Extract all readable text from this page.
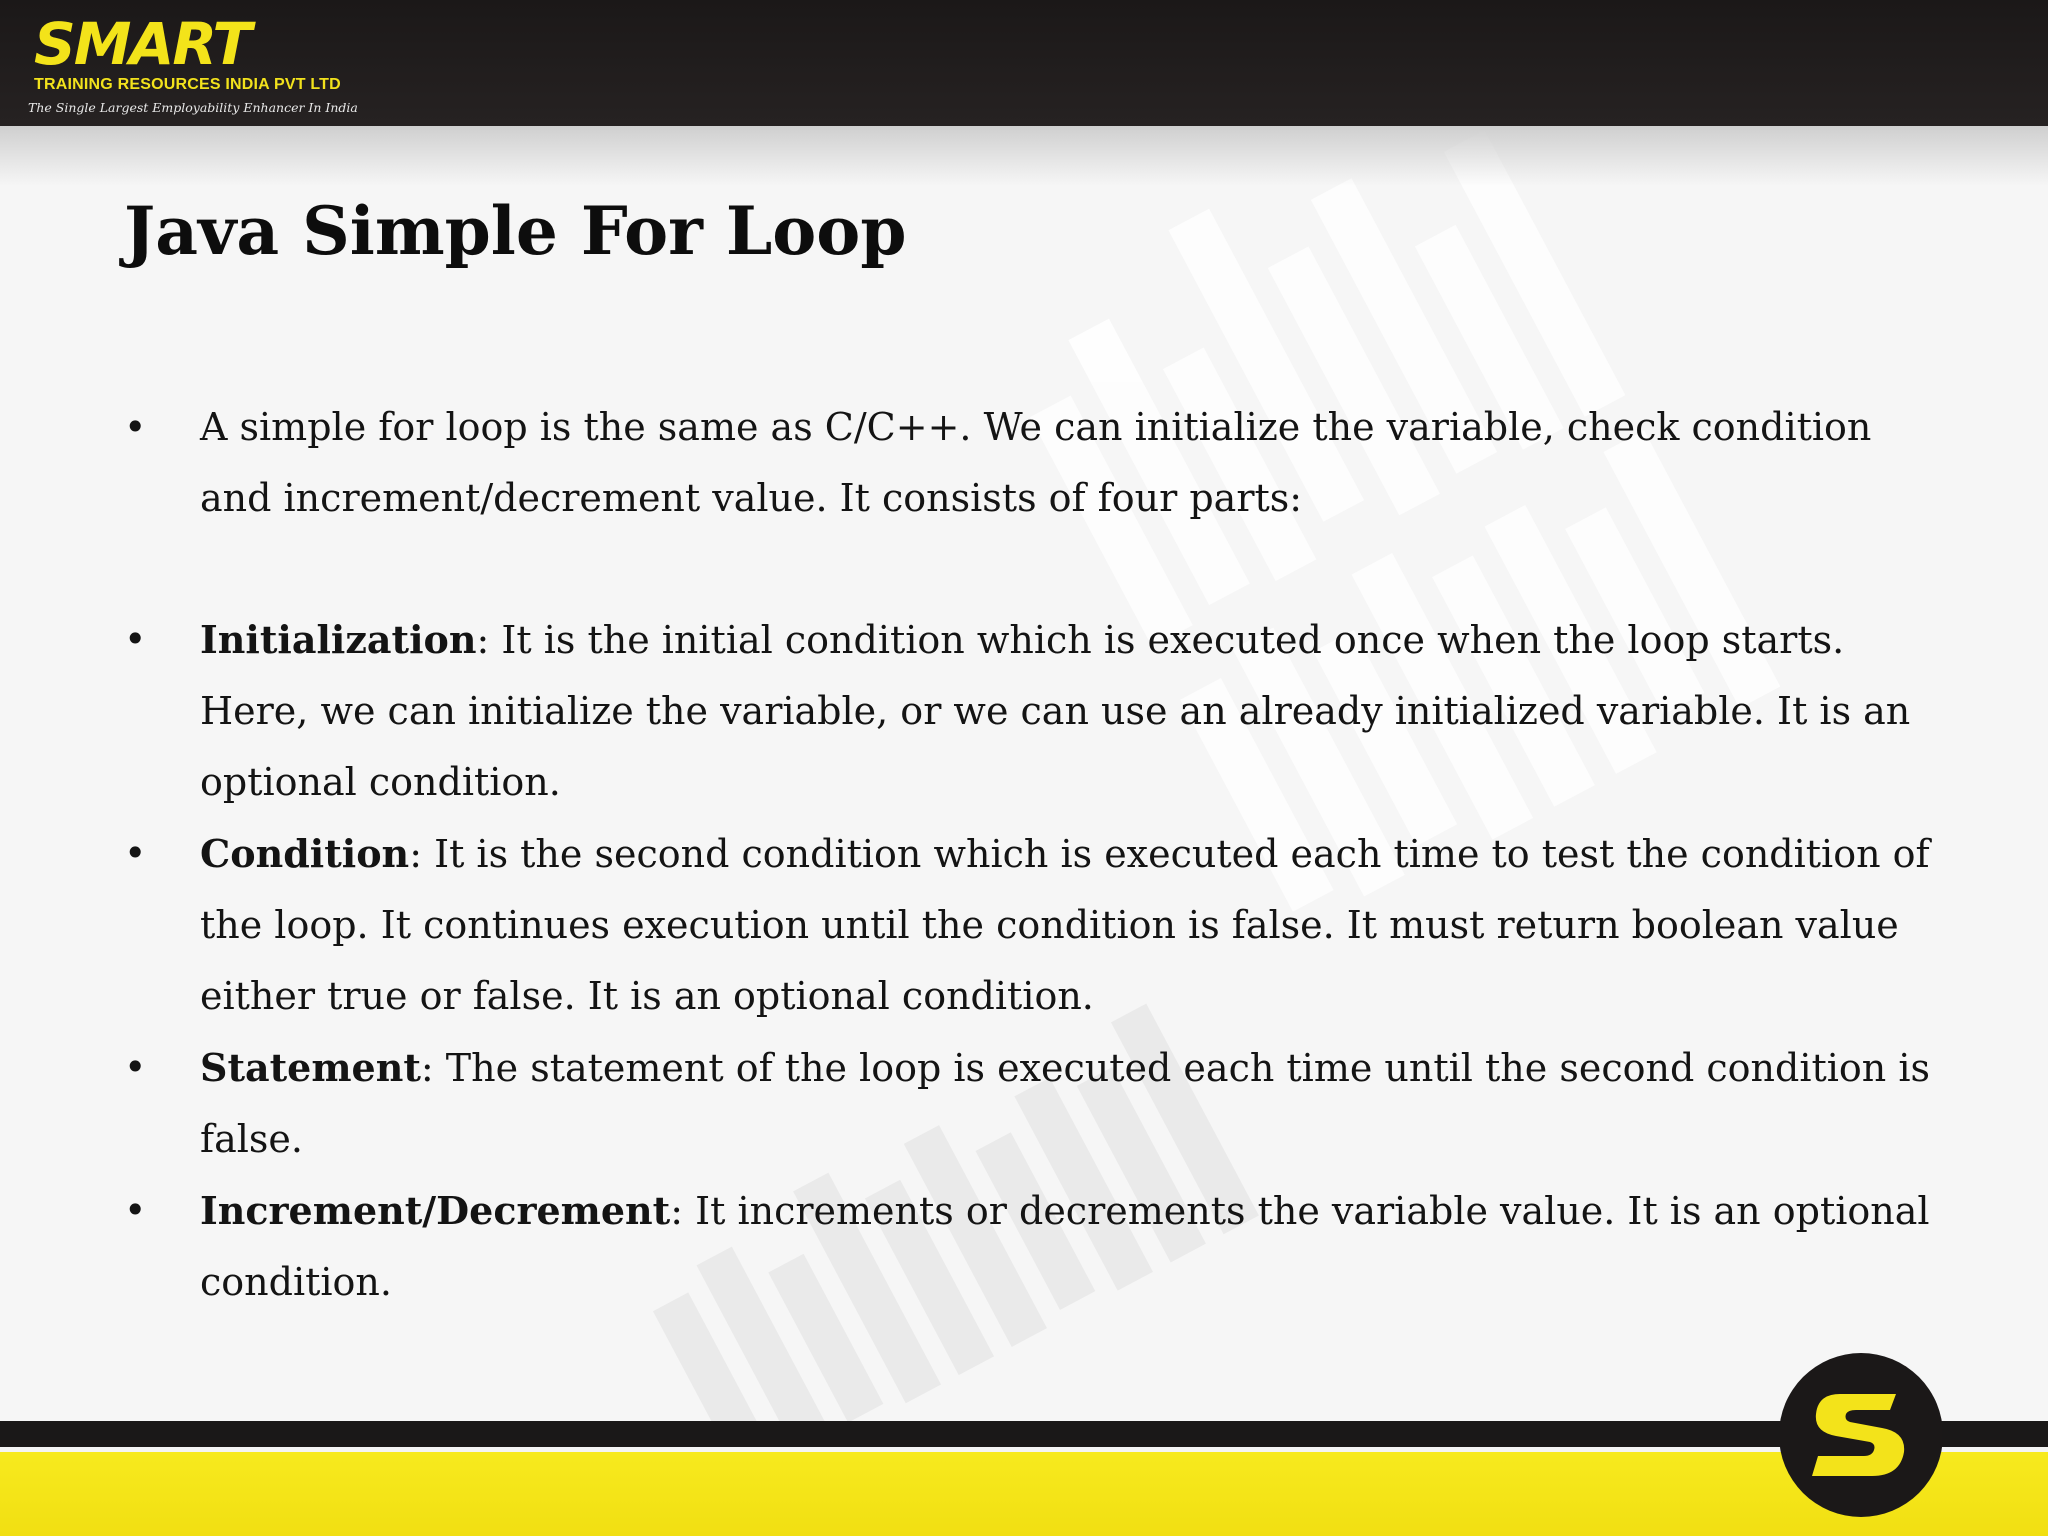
SMART
TRAINING RESOURCES INDIA PVT LTD
The Single Largest Employability Enhancer In India
Java Simple For Loop
• A simple for loop is the same as C/C++. We can initialize the variable, check condition and increment/decrement value. It consists of four parts:
• Initialization: It is the initial condition which is executed once when the loop starts. Here, we can initialize the variable, or we can use an already initialized variable. It is an optional condition.
• Condition: It is the second condition which is executed each time to test the condition of the loop. It continues execution until the condition is false. It must return boolean value either true or false. It is an optional condition.
• Statement: The statement of the loop is executed each time until the second condition is false.
• Increment/Decrement: It increments or decrements the variable value. It is an optional condition.
